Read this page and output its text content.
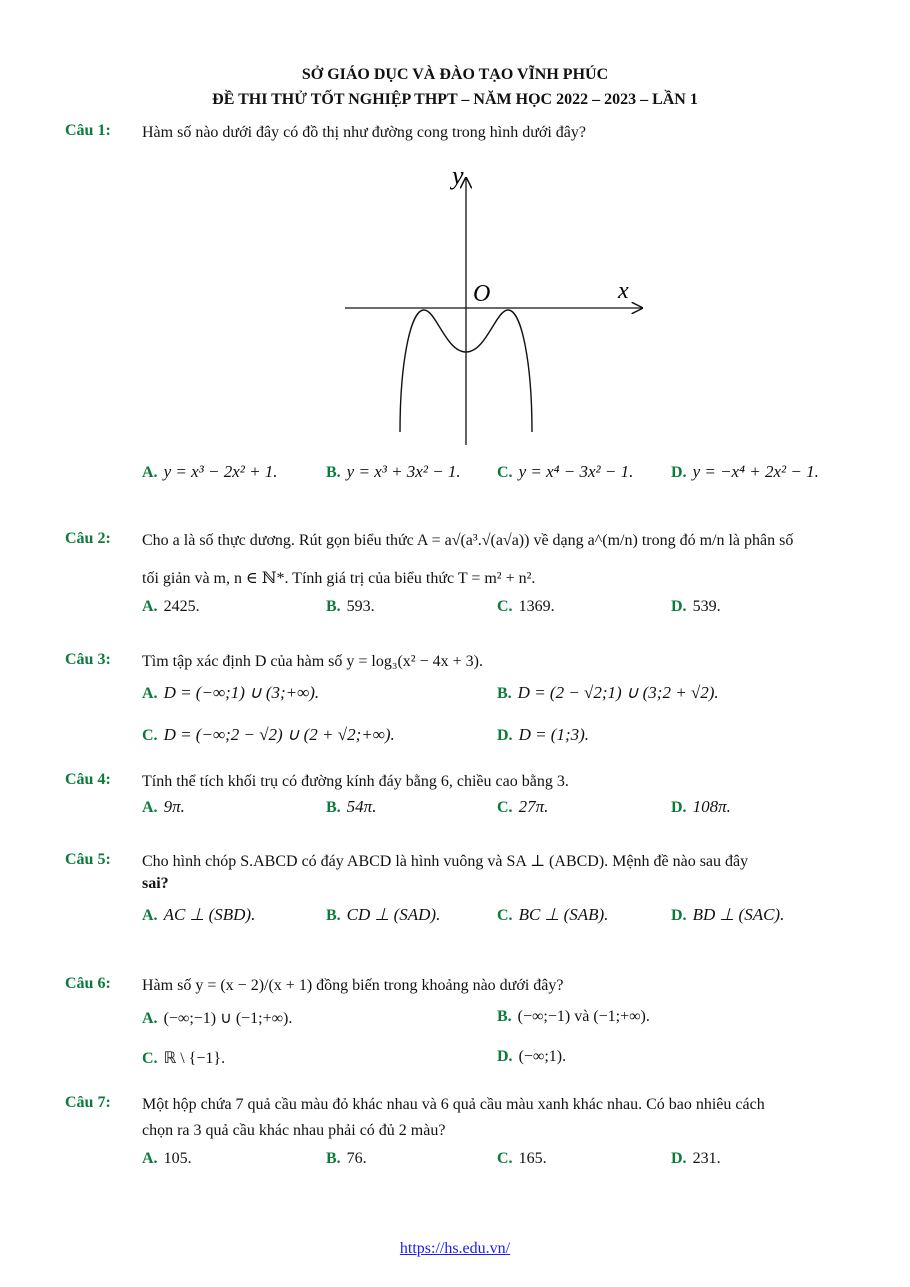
SỞ GIÁO DỤC VÀ ĐÀO TẠO VĨNH PHÚC
ĐỀ THI THỬ TỐT NGHIỆP THPT – NĂM HỌC 2022 – 2023 – LẦN 1
Câu 1: Hàm số nào dưới đây có đồ thị như đường cong trong hình dưới đây?
y
x
O
A. y = x³ − 2x² + 1.	B. y = x³ + 3x² − 1. C. y = x⁴ − 3x² − 1. D. y = −x⁴ + 2x² − 1.
Câu 2: Cho a là số thực dương. Rút gọn biểu thức A = a√(a³.√(a√a)) về dạng a^(m/n) trong đó m/n là phân số
tối giản và m, n ∈ ℕ*. Tính giá trị của biểu thức T = m² + n².
A. 2425.	B. 593.	C. 1369.	D. 539.
Câu 3: Tìm tập xác định D của hàm số y = log₃(x² − 4x + 3).
A. D = (−∞;1) ∪ (3;+∞).	B. D = (2 − √2;1) ∪ (3;2 + √2).
C. D = (−∞;2 − √2) ∪ (2 + √2;+∞).	D. D = (1;3).
Câu 4: Tính thể tích khối trụ có đường kính đáy bằng 6, chiều cao bằng 3.
A. 9π.	B. 54π.	C. 27π.	D. 108π.
Câu 5: Cho hình chóp S.ABCD có đáy ABCD là hình vuông và SA ⊥ (ABCD). Mệnh đề nào sau đây
sai?
A. AC ⊥ (SBD).	B. CD ⊥ (SAD).	C. BC ⊥ (SAB).	D. BD ⊥ (SAC).
Câu 6: Hàm số y = (x − 2)/(x + 1) đồng biến trong khoảng nào dưới đây?
A. (−∞;−1) ∪ (−1;+∞).	B. (−∞;−1) và (−1;+∞).
C. ℝ \ {−1}.	D. (−∞;1).
Câu 7: Một hộp chứa 7 quả cầu màu đỏ khác nhau và 6 quả cầu màu xanh khác nhau. Có bao nhiêu cách
chọn ra 3 quả cầu khác nhau phải có đủ 2 màu?
A. 105.	B. 76.	C. 165.	D. 231.
https://hs.edu.vn/
